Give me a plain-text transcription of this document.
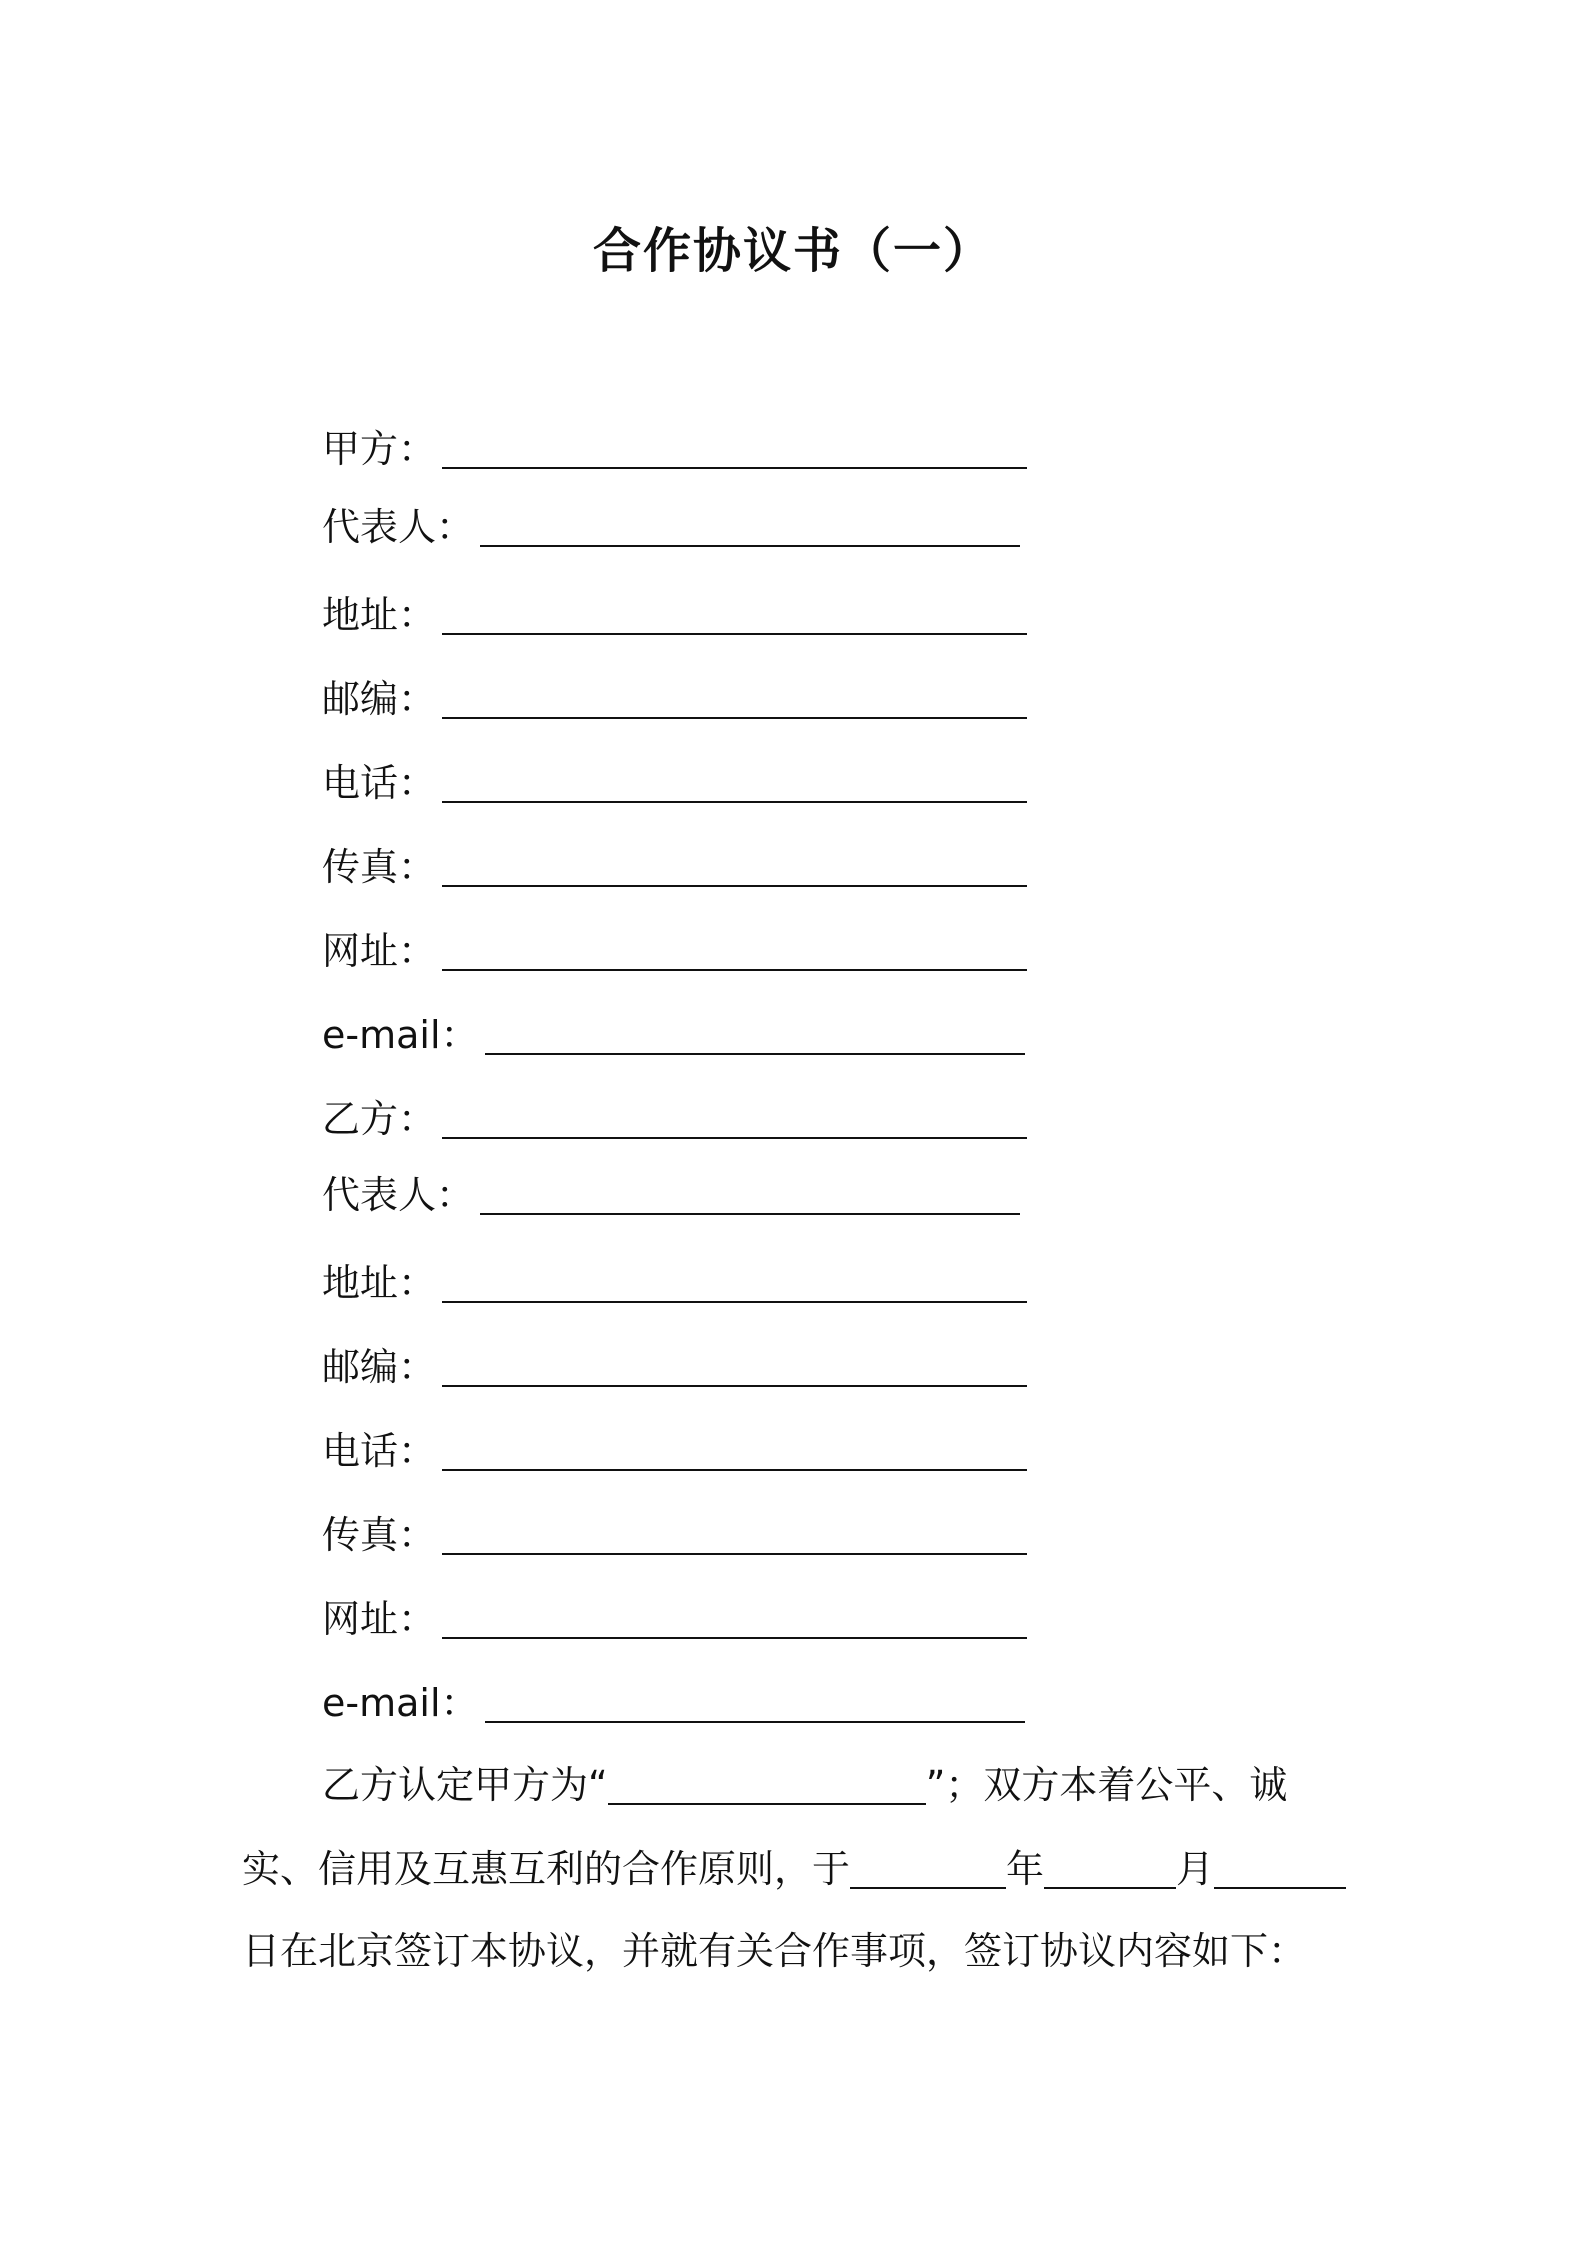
合作协议书（一）
甲方：
代表人：
地址：
邮编：
电话：
传真：
网址：
e-mail：
乙方：
代表人：
地址：
邮编：
电话：
传真：
网址：
e-mail：
乙方认定甲方为“	”；双方本着公平、诚
实、信用及互惠互利的合作原则，于	年	月
日在北京签订本协议，并就有关合作事项，签订协议内容如下：
